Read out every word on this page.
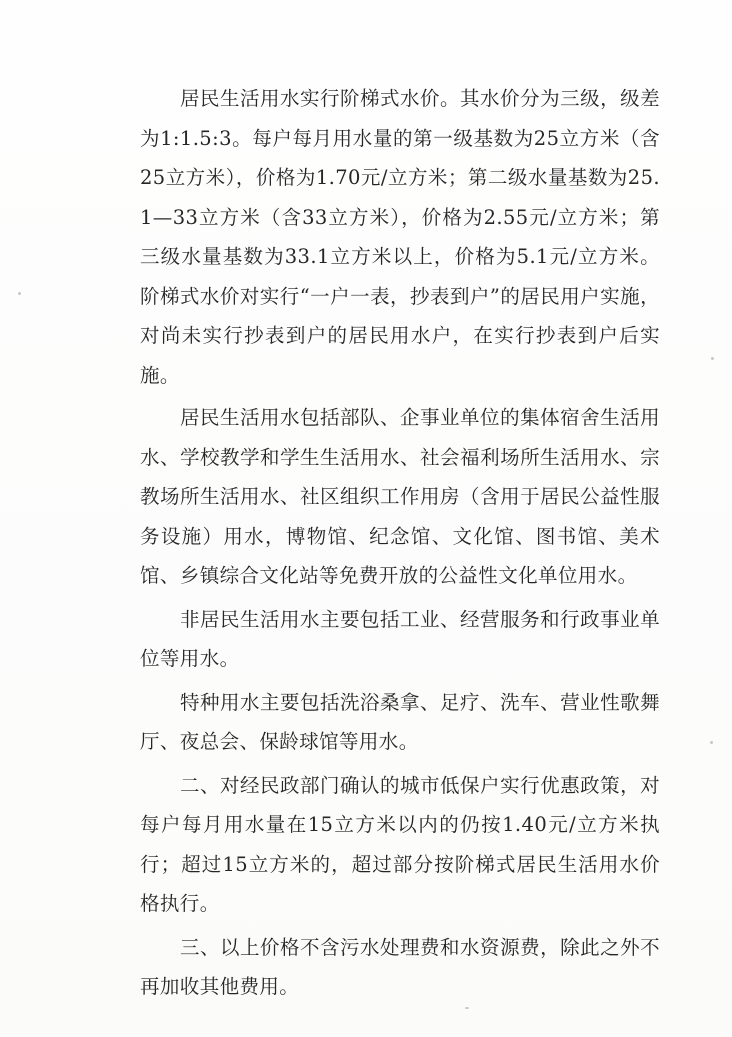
居民生活用水实行阶梯式水价。其水价分为三级，级差为1:1.5:3。每户每月用水量的第一级基数为25立方米（含25立方米），价格为1.70元/立方米；第二级水量基数为25.1—33立方米（含33立方米），价格为2.55元/立方米；第三级水量基数为33.1立方米以上，价格为5.1元/立方米。阶梯式水价对实行“一户一表，抄表到户”的居民用户实施，对尚未实行抄表到户的居民用水户，在实行抄表到户后实施。

居民生活用水包括部队、企事业单位的集体宿舍生活用水、学校教学和学生生活用水、社会福利场所生活用水、宗教场所生活用水、社区组织工作用房（含用于居民公益性服务设施）用水，博物馆、纪念馆、文化馆、图书馆、美术馆、乡镇综合文化站等免费开放的公益性文化单位用水。

非居民生活用水主要包括工业、经营服务和行政事业单位等用水。

特种用水主要包括洗浴桑拿、足疗、洗车、营业性歌舞厅、夜总会、保龄球馆等用水。

二、对经民政部门确认的城市低保户实行优惠政策，对每户每月用水量在15立方米以内的仍按1.40元/立方米执行；超过15立方米的，超过部分按阶梯式居民生活用水价格执行。

三、以上价格不含污水处理费和水资源费，除此之外不再加收其他费用。
